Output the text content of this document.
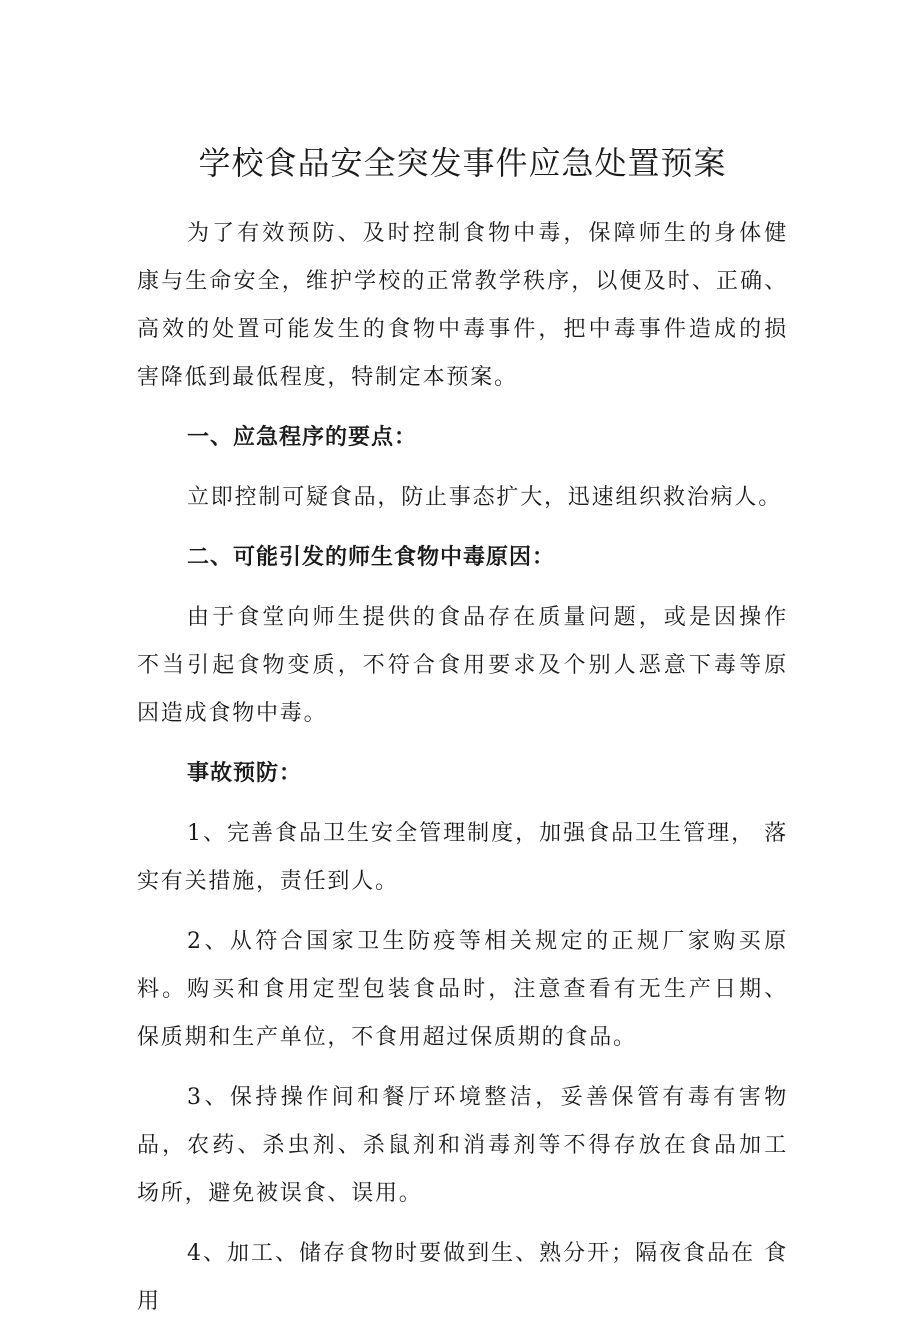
学校食品安全突发事件应急处置预案

为了有效预防、及时控制食物中毒，保障师生的身体健 康与生命安全，维护学校的正常教学秩序，以便及时、正确、 高效的处置可能发生的食物中毒事件，把中毒事件造成的损 害降低到最低程度，特制定本预案。

一、应急程序的要点：

立即控制可疑食品，防止事态扩大，迅速组织救治病人。

二、可能引发的师生食物中毒原因：

由于食堂向师生提供的食品存在质量问题，或是因操作 不当引起食物变质，不符合食用要求及个别人恶意下毒等原 因造成食物中毒。

事故预防：

1、完善食品卫生安全管理制度，加强食品卫生管理， 落实有关措施，责任到人。

2、从符合国家卫生防疫等相关规定的正规厂家购买原 料。购买和食用定型包装食品时，注意查看有无生产日期、 保质期和生产单位，不食用超过保质期的食品。

3、保持操作间和餐厅环境整洁，妥善保管有毒有害物 品，农药、杀虫剂、杀鼠剂和消毒剂等不得存放在食品加工 场所，避免被误食、误用。

4、加工、储存食物时要做到生、熟分开；隔夜食品在 食用
